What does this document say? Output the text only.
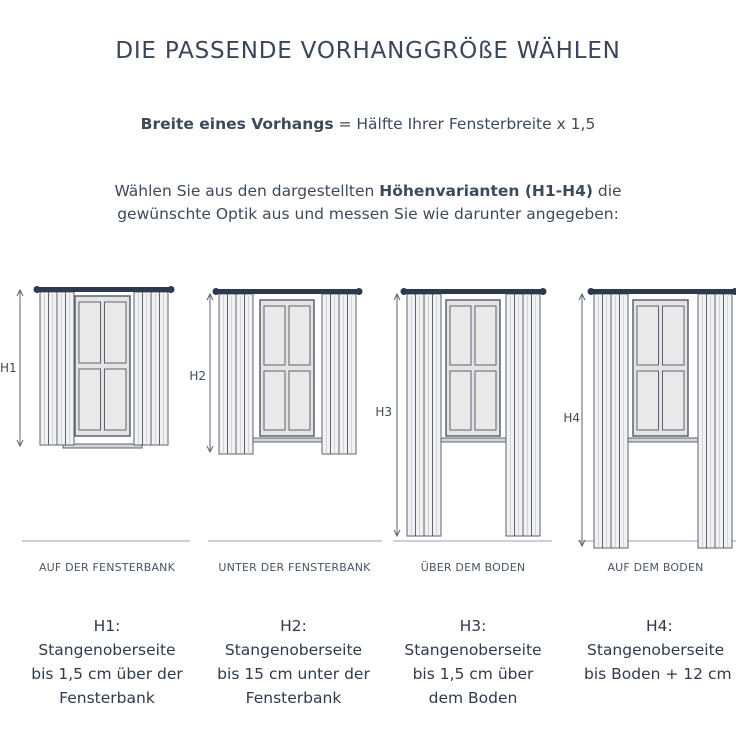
DIE PASSENDE VORHANGGRÖßE WÄHLEN
Breite eines Vorhangs = Hälfte Ihrer Fensterbreite x 1,5
Wählen Sie aus den dargestellten Höhenvarianten (H1-H4) die
gewünschte Optik aus und messen Sie wie darunter angegeben:
H1
H2
H3	H4
AUF DER FENSTERBANK	UNTER DER FENSTERBANK	ÜBER DEM BODEN	AUF DEM BODEN
H1:
Stangenoberseite
bis 1,5 cm über der
Fensterbank
H2:
Stangenoberseite
bis 15 cm unter der
Fensterbank
H3:
Stangenoberseite
bis 1,5 cm über
dem Boden
H4:
Stangenoberseite
bis Boden + 12 cm
